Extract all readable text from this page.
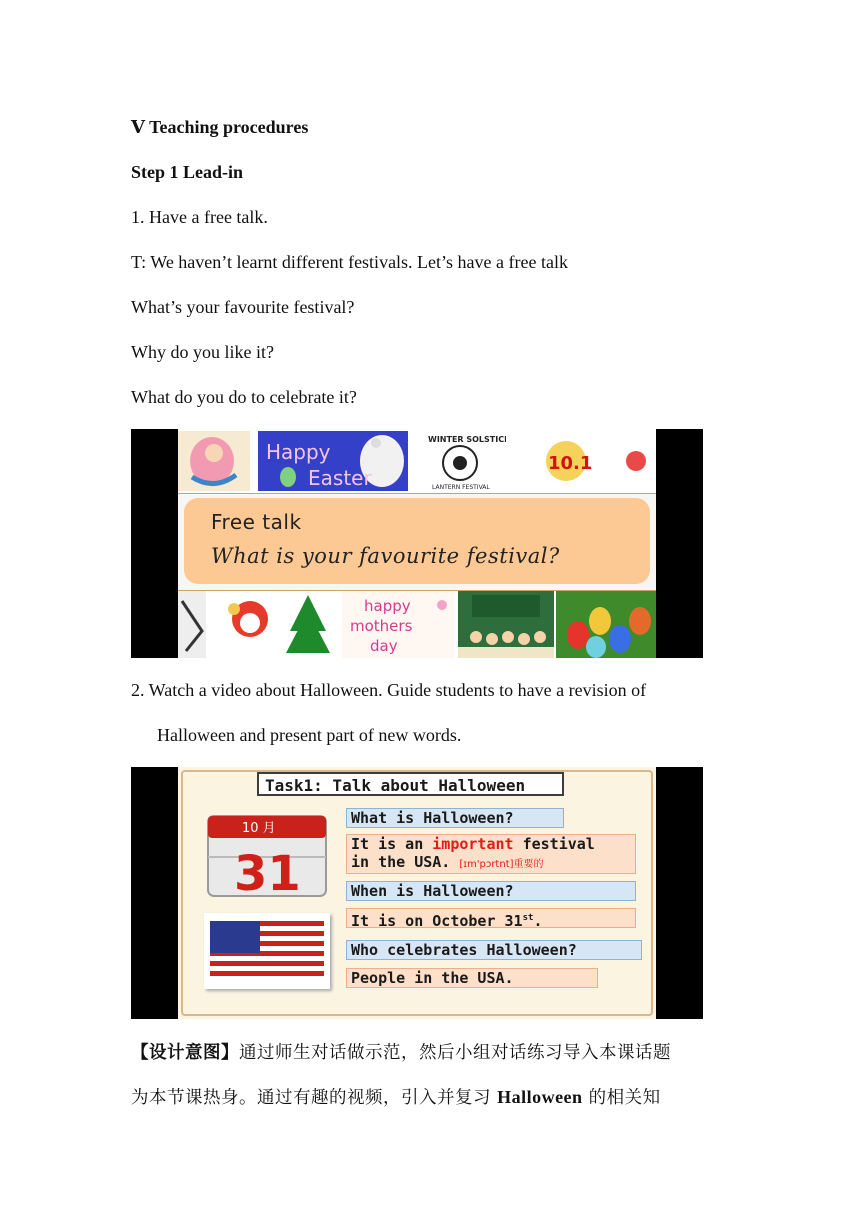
Ⅴ Teaching procedures
Step 1 Lead-in
1. Have a free talk.
T: We haven’t learnt different festivals. Let’s have a free talk
What’s your favourite festival?
Why do you like it?
What do you do to celebrate it?
Happy
Easter
WINTER SOLSTICE
LANTERN FESTIVAL
10.1
Free talk
What is your favourite festival?
happy
mothers
day
2. Watch a video about Halloween. Guide students to have a revision of
Halloween and present part of new words.
Task1: Talk about Halloween
10 月
31
What is Halloween?
It is an important festival
in the USA. [ɪm'pɔrtnt]重要的
When is Halloween?
It is on October 31st.
Who celebrates Halloween?
People in the USA.
【设计意图】通过师生对话做示范，然后小组对话练习导入本课话题
为本节课热身。通过有趣的视频，引入并复习 Halloween 的相关知
